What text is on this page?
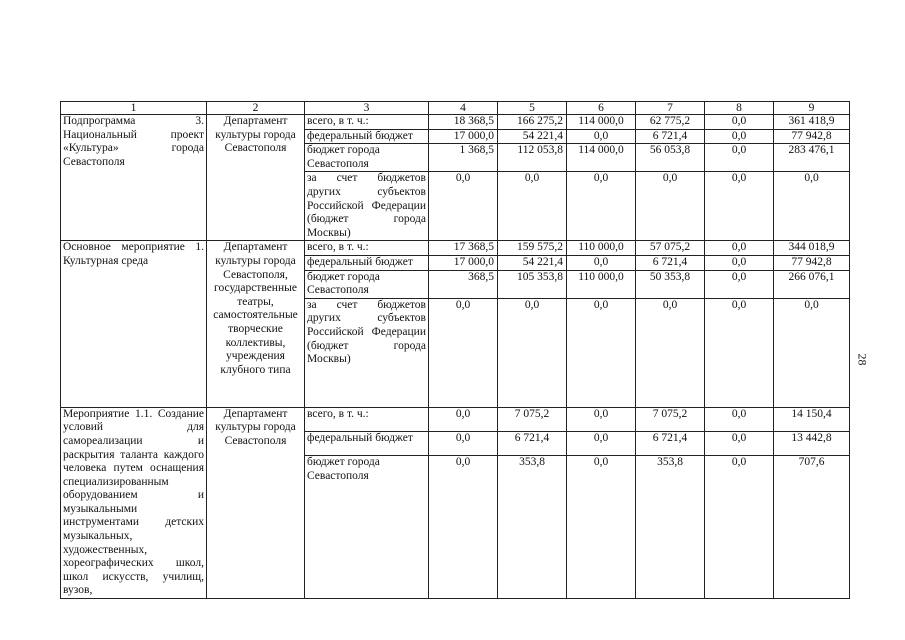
28
1	2	3	4	5	6	7	8	9
Подпрограмма 3. Национальный проект «Культура» города Севастополя	Департамент культуры города Севастополя	всего, в т. ч.:	18 368,5	166 275,2	114 000,0	62 775,2	0,0	361 418,9
		федеральный бюджет	17 000,0	54 221,4	0,0	6 721,4	0,0	77 942,8
		бюджет города Севастополя	1 368,5	112 053,8	114 000,0	56 053,8	0,0	283 476,1
		за счет бюджетов других субъектов Российской Федерации (бюджет города Москвы)	0,0	0,0	0,0	0,0	0,0	0,0
Основное мероприятие 1. Культурная среда	Департамент культуры города Севастополя, государственные театры, самостоятельные творческие коллективы, учреждения клубного типа	всего, в т. ч.:	17 368,5	159 575,2	110 000,0	57 075,2	0,0	344 018,9
		федеральный бюджет	17 000,0	54 221,4	0,0	6 721,4	0,0	77 942,8
		бюджет города Севастополя	368,5	105 353,8	110 000,0	50 353,8	0,0	266 076,1
		за счет бюджетов других субъектов Российской Федерации (бюджет города Москвы)	0,0	0,0	0,0	0,0	0,0	0,0
Мероприятие 1.1. Создание условий для самореализации и раскрытия таланта каждого человека путем оснащения специализированным оборудованием и музыкальными инструментами детских музыкальных, художественных, хореографических школ, школ искусств, училищ, вузов,	Департамент культуры города Севастополя	всего, в т. ч.:	0,0	7 075,2	0,0	7 075,2	0,0	14 150,4
		федеральный бюджет	0,0	6 721,4	0,0	6 721,4	0,0	13 442,8
		бюджет города Севастополя	0,0	353,8	0,0	353,8	0,0	707,6
